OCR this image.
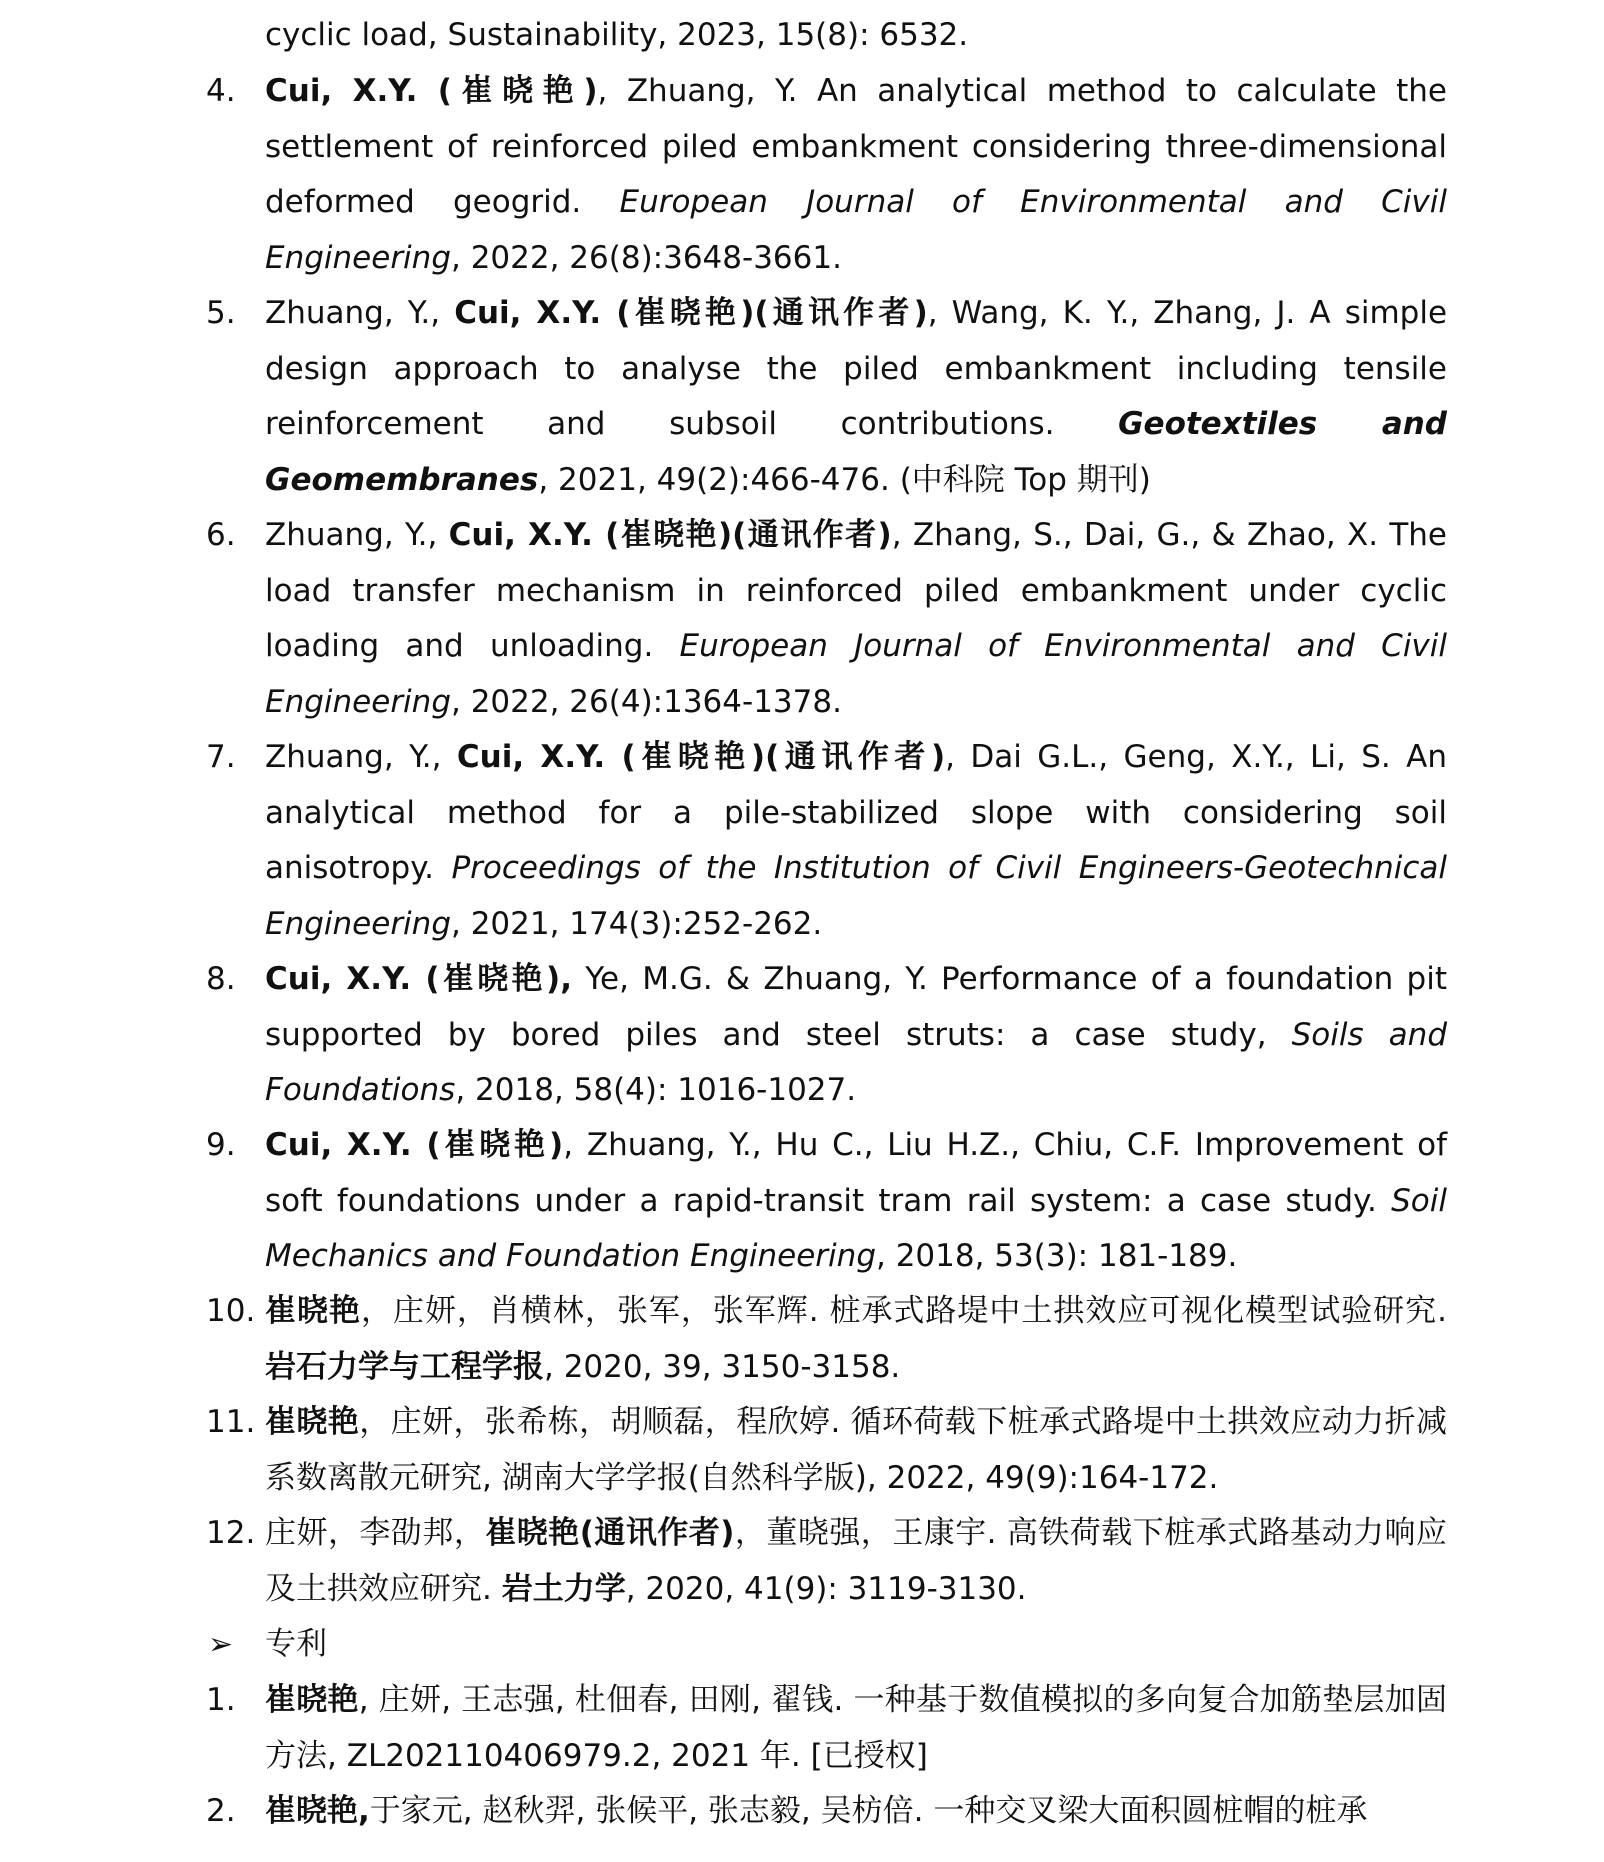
cyclic load, Sustainability, 2023, 15(8): 6532.
4. Cui, X.Y. (崔晓艳), Zhuang, Y. An analytical method to calculate the settlement of reinforced piled embankment considering three-dimensional deformed geogrid. European Journal of Environmental and Civil Engineering, 2022, 26(8):3648-3661.
5. Zhuang, Y., Cui, X.Y. (崔晓艳)(通讯作者), Wang, K. Y., Zhang, J. A simple design approach to analyse the piled embankment including tensile reinforcement and subsoil contributions. Geotextiles and Geomembranes, 2021, 49(2):466-476. (中科院 Top 期刊)
6. Zhuang, Y., Cui, X.Y. (崔晓艳)(通讯作者), Zhang, S., Dai, G., & Zhao, X. The load transfer mechanism in reinforced piled embankment under cyclic loading and unloading. European Journal of Environmental and Civil Engineering, 2022, 26(4):1364-1378.
7. Zhuang, Y., Cui, X.Y. (崔晓艳)(通讯作者), Dai G.L., Geng, X.Y., Li, S. An analytical method for a pile-stabilized slope with considering soil anisotropy. Proceedings of the Institution of Civil Engineers-Geotechnical Engineering, 2021, 174(3):252-262.
8. Cui, X.Y. (崔晓艳), Ye, M.G. & Zhuang, Y. Performance of a foundation pit supported by bored piles and steel struts: a case study, Soils and Foundations, 2018, 58(4): 1016-1027.
9. Cui, X.Y. (崔晓艳), Zhuang, Y., Hu C., Liu H.Z., Chiu, C.F. Improvement of soft foundations under a rapid-transit tram rail system: a case study. Soil Mechanics and Foundation Engineering, 2018, 53(3): 181-189.
10. 崔晓艳，庄妍，肖横林，张军，张军辉. 桩承式路堤中土拱效应可视化模型试验研究. 岩石力学与工程学报, 2020, 39, 3150-3158.
11. 崔晓艳，庄妍，张希栋，胡顺磊，程欣婷. 循环荷载下桩承式路堤中土拱效应动力折减系数离散元研究, 湖南大学学报(自然科学版), 2022, 49(9):164-172.
12. 庄妍，李劭邦，崔晓艳(通讯作者)，董晓强，王康宇. 高铁荷载下桩承式路基动力响应及土拱效应研究. 岩土力学, 2020, 41(9): 3119-3130.
➢ 专利
1. 崔晓艳, 庄妍, 王志强, 杜佃春, 田刚, 翟钱. 一种基于数值模拟的多向复合加筋垫层加固方法, ZL202110406979.2, 2021 年. [已授权]
2. 崔晓艳,于家元, 赵秋羿, 张候平, 张志毅, 吴枋倍. 一种交叉梁大面积圆桩帽的桩承
